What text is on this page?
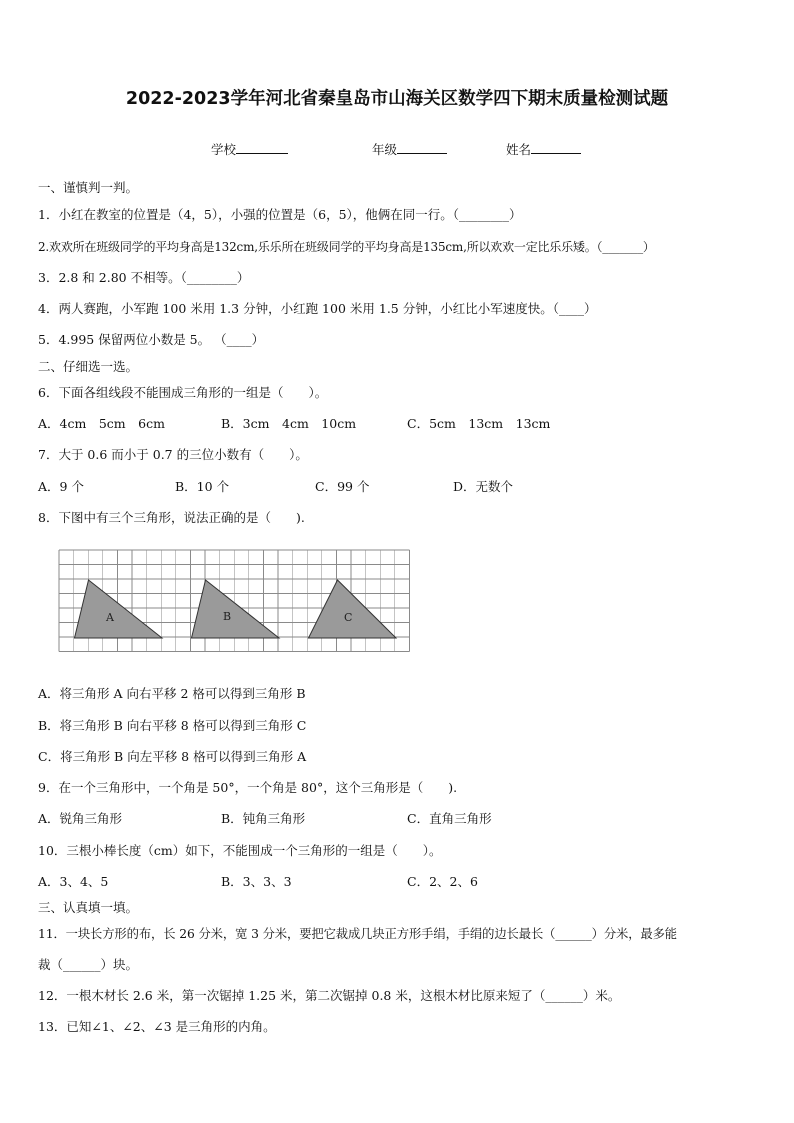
2022-2023学年河北省秦皇岛市山海关区数学四下期末质量检测试题
学校	年级	姓名
一、谨慎判一判。
1．小红在教室的位置是（4，5），小强的位置是（6，5），他俩在同一行。（________）
2.欢欢所在班级同学的平均身高是132cm,乐乐所在班级同学的平均身高是135cm,所以欢欢一定比乐乐矮。（_______）
3．2.8 和 2.80 不相等。（________）
4．两人赛跑，小军跑 100 米用 1.3 分钟，小红跑 100 米用 1.5 分钟，小红比小军速度快。（____）
5．4.995 保留两位小数是 5。 （____）
二、仔细选一选。
6．下面各组线段不能围成三角形的一组是（　　）。
A．4cm　5cm　6cm	B．3cm　4cm　10cm	C．5cm　13cm　13cm
7．大于 0.6 而小于 0.7 的三位小数有（　　）。
A．9 个	B．10 个	C．99 个	D．无数个
8．下图中有三个三角形，说法正确的是（　　).
A	B	C
A．将三角形 A 向右平移 2 格可以得到三角形 B
B．将三角形 B 向右平移 8 格可以得到三角形 C
C．将三角形 B 向左平移 8 格可以得到三角形 A
9．在一个三角形中，一个角是 50°，一个角是 80°，这个三角形是（　　).
A．锐角三角形	B．钝角三角形	C．直角三角形
10．三根小棒长度（cm）如下，不能围成一个三角形的一组是（　　）。
A．3、4、5	B．3、3、3	C．2、2、6
三、认真填一填。
11．一块长方形的布，长 26 分米，宽 3 分米，要把它裁成几块正方形手绢，手绢的边长最长（______）分米，最多能
裁（______）块。
12．一根木材长 2.6 米，第一次锯掉 1.25 米，第二次锯掉 0.8 米，这根木材比原来短了（______）米。
13．已知∠1、∠2、∠3 是三角形的内角。
